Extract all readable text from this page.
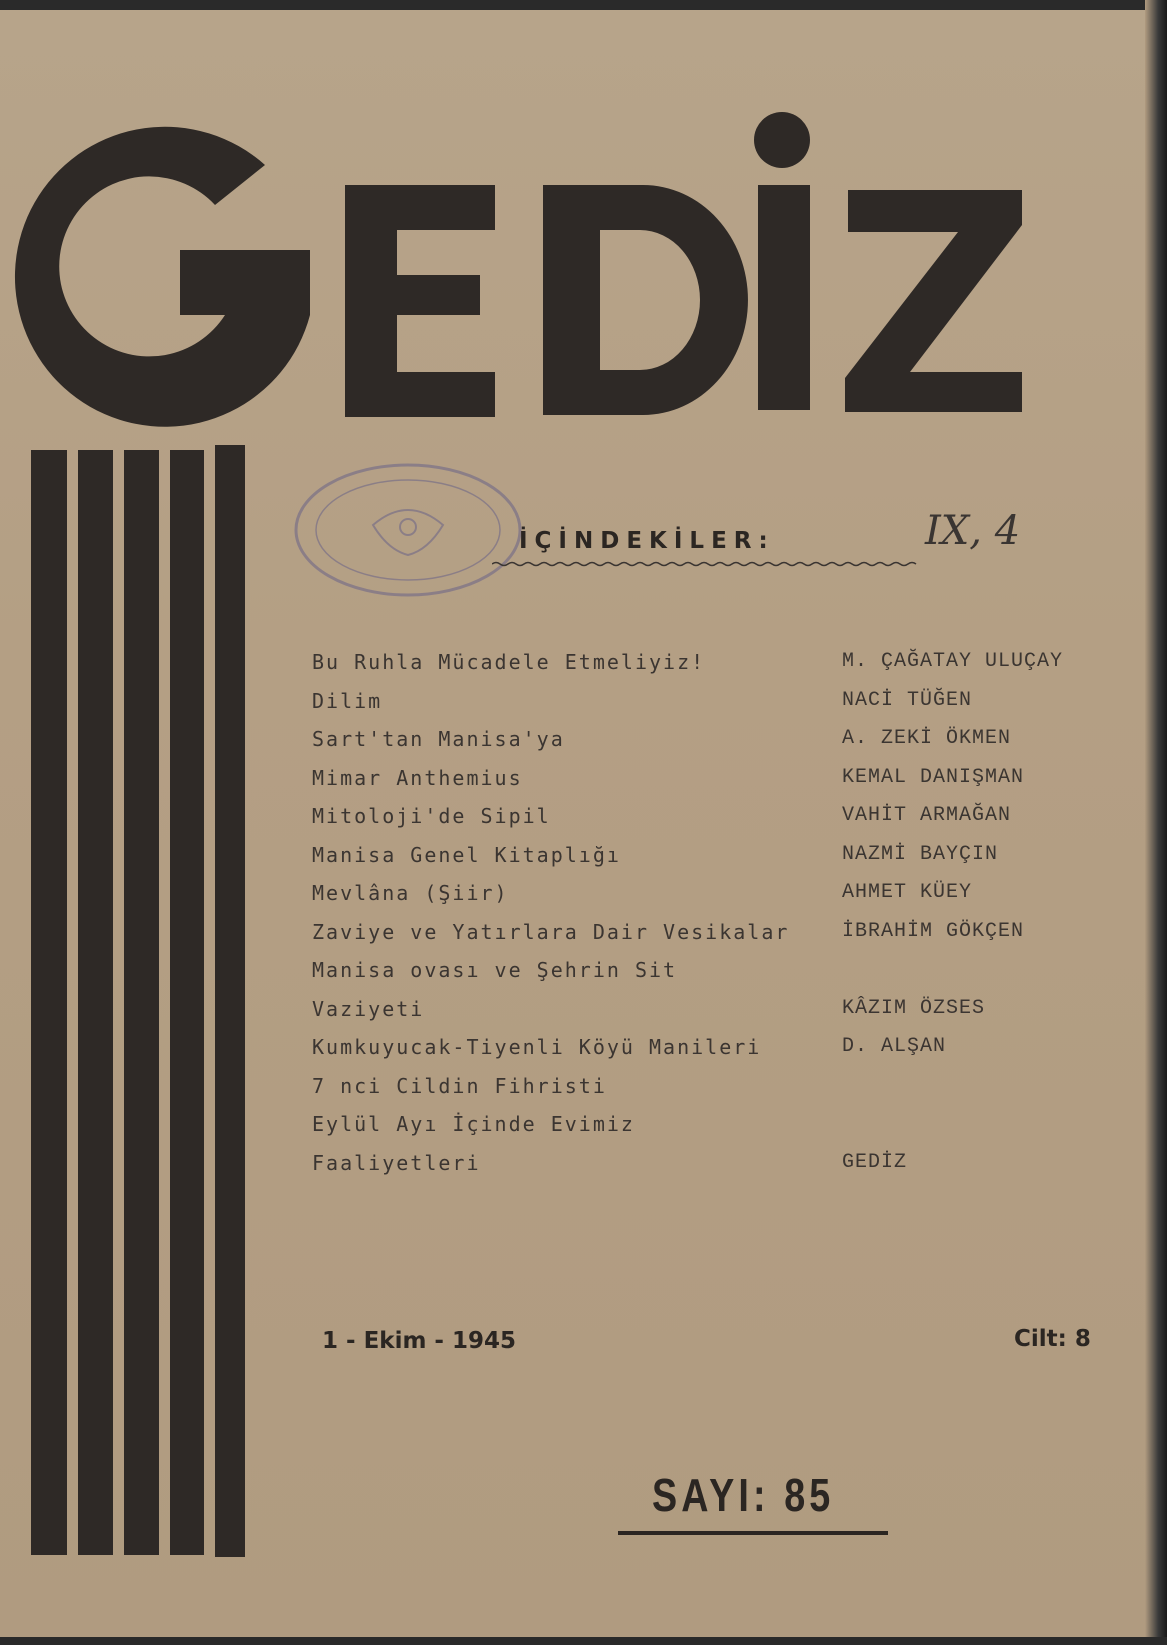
İÇİNDEKİLER:	IX, 4
Bu Ruhla Mücadele Etmeliyiz!	M. ÇAĞATAY ULUÇAY
Dilim	NACİ TÜĞEN
Sart'tan Manisa'ya	A. ZEKİ ÖKMEN
Mimar Anthemius	KEMAL DANIŞMAN
Mitoloji'de Sipil	VAHİT ARMAĞAN
Manisa Genel Kitaplığı	NAZMİ BAYÇIN
Mevlâna (Şiir)	AHMET KÜEY
Zaviye ve Yatırlara Dair Vesikalar	İBRAHİM GÖKÇEN
Manisa ovası ve Şehrin Sit
Vaziyeti	KÂZIM ÖZSES
Kumkuyucak-Tiyenli Köyü Manileri	D. ALŞAN
7 nci Cildin Fihristi
Eylül Ayı İçinde Evimiz
Faaliyetleri	GEDİZ
1 - Ekim - 1945	Cilt: 8
SAYI: 85
